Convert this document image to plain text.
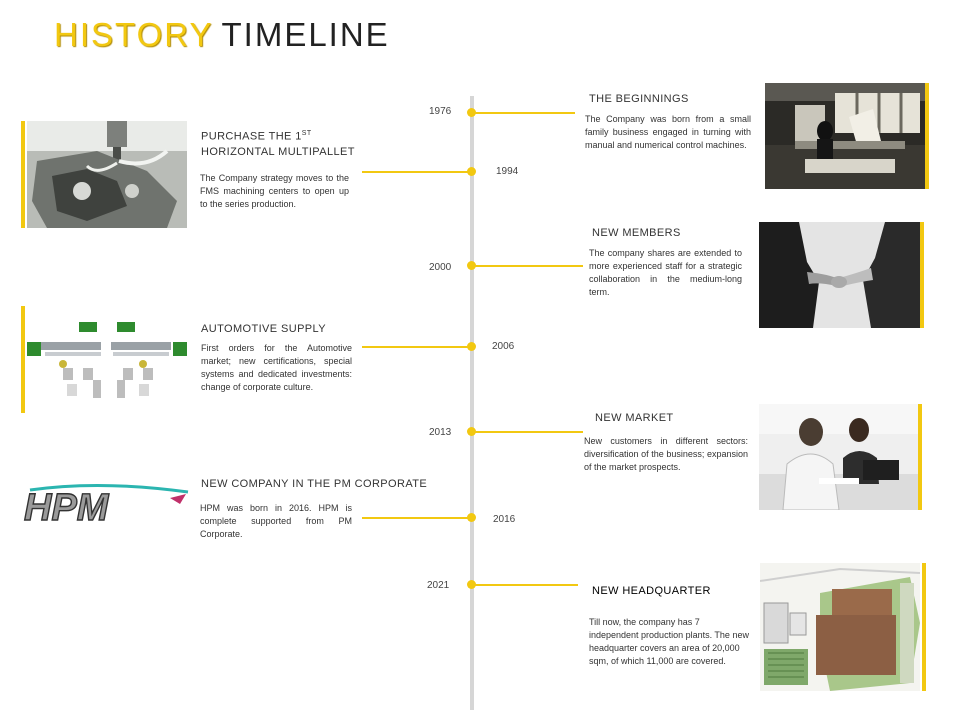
HISTORY TIMELINE
1976
THE BEGINNINGS
The Company was born from a small family business engaged in turning with manual and numerical control machines.
PURCHASE THE 1ST
HORIZONTAL MULTIPALLET
The Company strategy moves to the FMS machining centers to open up to the series production.
1994
2000
NEW MEMBERS
The company shares are extended to more experienced staff for a strategic collaboration in the medium-long term.
AUTOMOTIVE SUPPLY
First orders for the Automotive market; new certifications, special systems and dedicated investments: change of corporate culture.
2006
2013
NEW MARKET
New customers in different sectors: diversification of the business; expansion of the market prospects.
NEW COMPANY IN THE PM CORPORATE
HPM	HPM was born in 2016. HPM is complete supported from PM Corporate.
2016
2021	NEW HEADQUARTER
Till now, the company has 7 independent production plants. The new headquarter covers an area of 20,000 sqm, of which 11,000 are covered.
